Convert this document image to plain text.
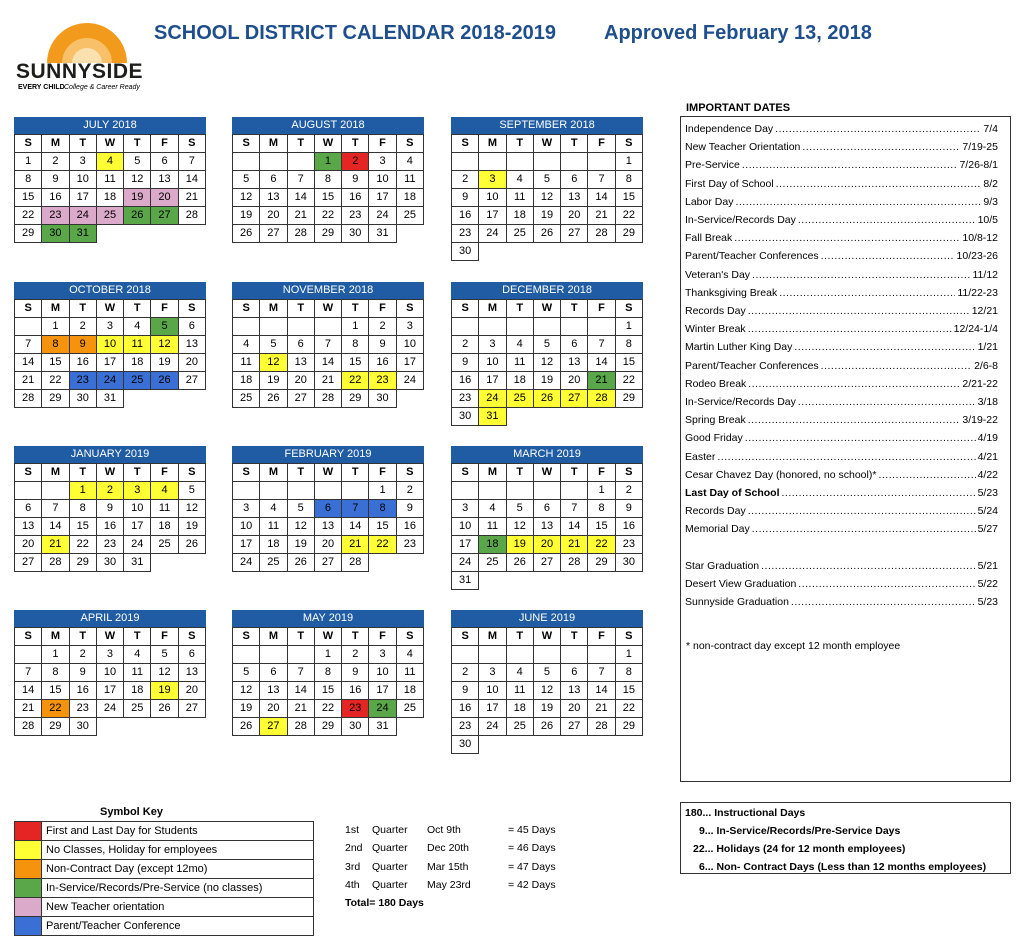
SUNNYSIDE
EVERY CHILD College & Career Ready
SCHOOL DISTRICT CALENDAR 2018-2019 Approved February 13, 2018
JULY 2018
S	M	T	W	T	F	S
1	2	3	4	5	6	7
8	9	10	11	12	13	14
15	16	17	18	19	20	21
22	23	24	25	26	27	28
29	30	31				
AUGUST 2018
S	M	T	W	T	F	S
			1	2	3	4
5	6	7	8	9	10	11
12	13	14	15	16	17	18
19	20	21	22	23	24	25
26	27	28	29	30	31	
SEPTEMBER 2018
S	M	T	W	T	F	S
						1
2	3	4	5	6	7	8
9	10	11	12	13	14	15
16	17	18	19	20	21	22
23	24	25	26	27	28	29
30						
OCTOBER 2018
S	M	T	W	T	F	S
	1	2	3	4	5	6
7	8	9	10	11	12	13
14	15	16	17	18	19	20
21	22	23	24	25	26	27
28	29	30	31			
NOVEMBER 2018
S	M	T	W	T	F	S
				1	2	3
4	5	6	7	8	9	10
11	12	13	14	15	16	17
18	19	20	21	22	23	24
25	26	27	28	29	30	
DECEMBER 2018
S	M	T	W	T	F	S
						1
2	3	4	5	6	7	8
9	10	11	12	13	14	15
16	17	18	19	20	21	22
23	24	25	26	27	28	29
30	31					
JANUARY 2019
S	M	T	W	T	F	S
		1	2	3	4	5
6	7	8	9	10	11	12
13	14	15	16	17	18	19
20	21	22	23	24	25	26
27	28	29	30	31		
FEBRUARY 2019
S	M	T	W	T	F	S
					1	2
3	4	5	6	7	8	9
10	11	12	13	14	15	16
17	18	19	20	21	22	23
24	25	26	27	28		
MARCH 2019
S	M	T	W	T	F	S
					1	2
3	4	5	6	7	8	9
10	11	12	13	14	15	16
17	18	19	20	21	22	23
24	25	26	27	28	29	30
31						
APRIL 2019
S	M	T	W	T	F	S
	1	2	3	4	5	6
7	8	9	10	11	12	13
14	15	16	17	18	19	20
21	22	23	24	25	26	27
28	29	30				
MAY 2019
S	M	T	W	T	F	S
			1	2	3	4
5	6	7	8	9	10	11
12	13	14	15	16	17	18
19	20	21	22	23	24	25
26	27	28	29	30	31	
JUNE 2019
S	M	T	W	T	F	S
						1
2	3	4	5	6	7	8
9	10	11	12	13	14	15
16	17	18	19	20	21	22
23	24	25	26	27	28	29
30						
IMPORTANT DATES
Independence Day .....	7/4
New Teacher Orientation .....	7/19-25
Pre-Service .....	7/26-8/1
First Day of School .....	8/2
Labor Day .....	9/3
In-Service/Records Day .....	10/5
Fall Break .....	10/8-12
Parent/Teacher Conferences .....	10/23-26
Veteran's Day .....	11/12
Thanksgiving Break .....	11/22-23
Records Day .....	12/21
Winter Break .....	12/24-1/4
Martin Luther King Day .....	1/21
Parent/Teacher Conferences .....	2/6-8
Rodeo Break .....	2/21-22
In-Service/Records Day .....	3/18
Spring Break .....	3/19-22
Good Friday .....	4/19
Easter .....	4/21
Cesar Chavez Day (honored, no school)* .....	4/22
Last Day of School .....	5/23
Records Day .....	5/24
Memorial Day .....	5/27
Star Graduation .....	5/21
Desert View Graduation .....	5/22
Sunnyside Graduation .....	5/23
* non-contract day except 12 month employee
180... Instructional Days
9... In-Service/Records/Pre-Service Days
22... Holidays (24 for 12 month employees)
6... Non- Contract Days (Less than 12 months employees)
Symbol Key
First and Last Day for Students
No Classes, Holiday for employees
Non-Contract Day (except 12mo)
In-Service/Records/Pre-Service (no classes)
New Teacher orientation
Parent/Teacher Conference
1st Quarter Oct 9th	= 45 Days
2nd Quarter Dec 20th	= 46 Days
3rd Quarter Mar 15th	= 47 Days
4th Quarter May 23rd	= 42 Days
Total= 180 Days
